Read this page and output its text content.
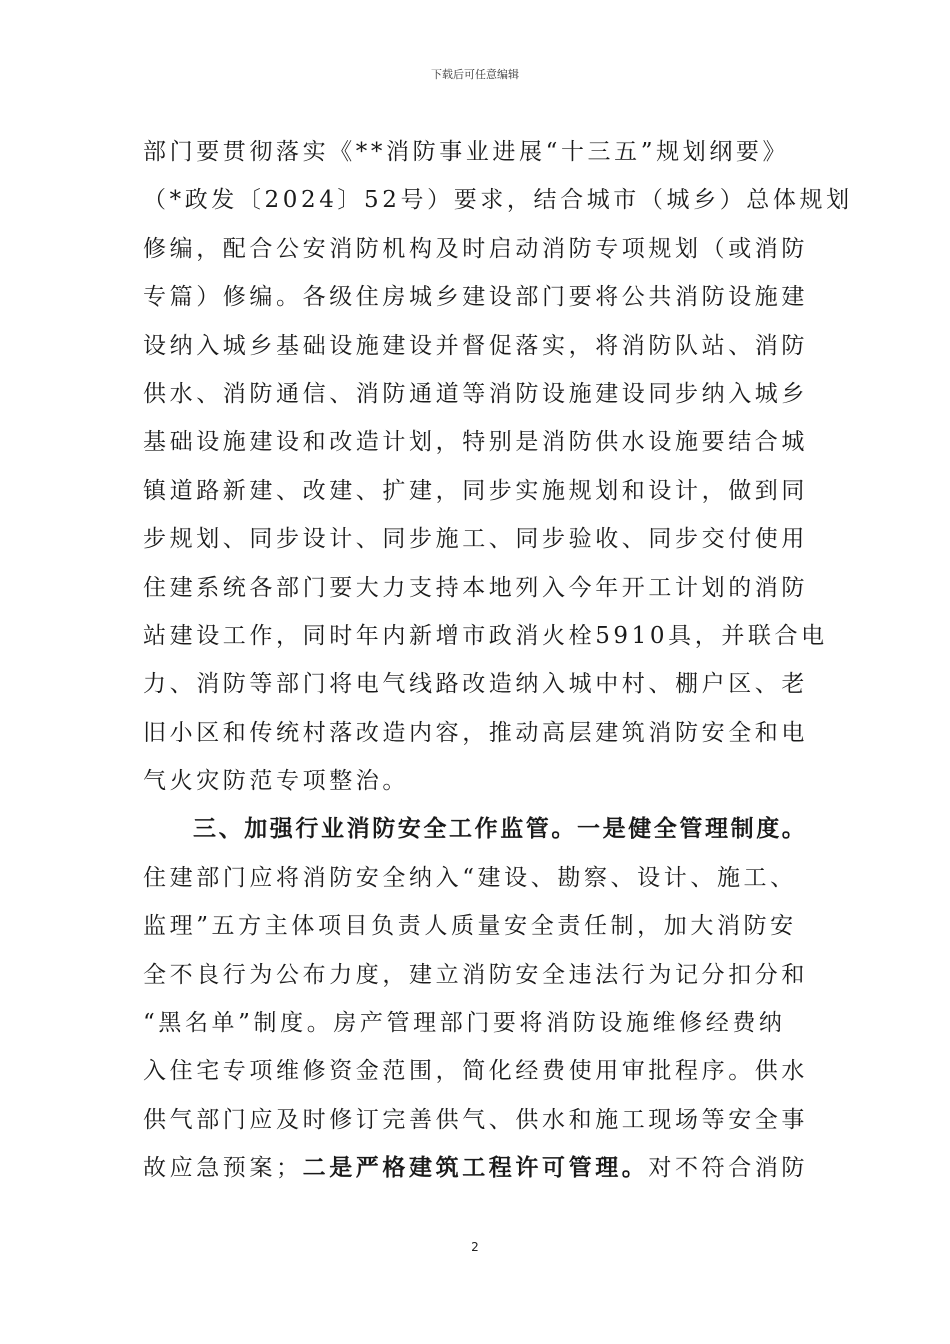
下载后可任意编辑
部门要贯彻落实《**消防事业进展“十三五”规划纲要》
（*政发〔2024〕52号）要求，结合城市（城乡）总体规划
修编，配合公安消防机构及时启动消防专项规划（或消防
专篇）修编。各级住房城乡建设部门要将公共消防设施建
设纳入城乡基础设施建设并督促落实，将消防队站、消防
供水、消防通信、消防通道等消防设施建设同步纳入城乡
基础设施建设和改造计划，特别是消防供水设施要结合城
镇道路新建、改建、扩建，同步实施规划和设计，做到同
步规划、同步设计、同步施工、同步验收、同步交付使用
住建系统各部门要大力支持本地列入今年开工计划的消防
站建设工作，同时年内新增市政消火栓5910具，并联合电
力、消防等部门将电气线路改造纳入城中村、棚户区、老
旧小区和传统村落改造内容，推动高层建筑消防安全和电
气火灾防范专项整治。
三、加强行业消防安全工作监管。一是健全管理制度。
住建部门应将消防安全纳入“建设、勘察、设计、施工、
监理”五方主体项目负责人质量安全责任制，加大消防安
全不良行为公布力度，建立消防安全违法行为记分扣分和
“黑名单”制度。房产管理部门要将消防设施维修经费纳
入住宅专项维修资金范围，简化经费使用审批程序。供水
供气部门应及时修订完善供气、供水和施工现场等安全事
故应急预案；二是严格建筑工程许可管理。对不符合消防
2
